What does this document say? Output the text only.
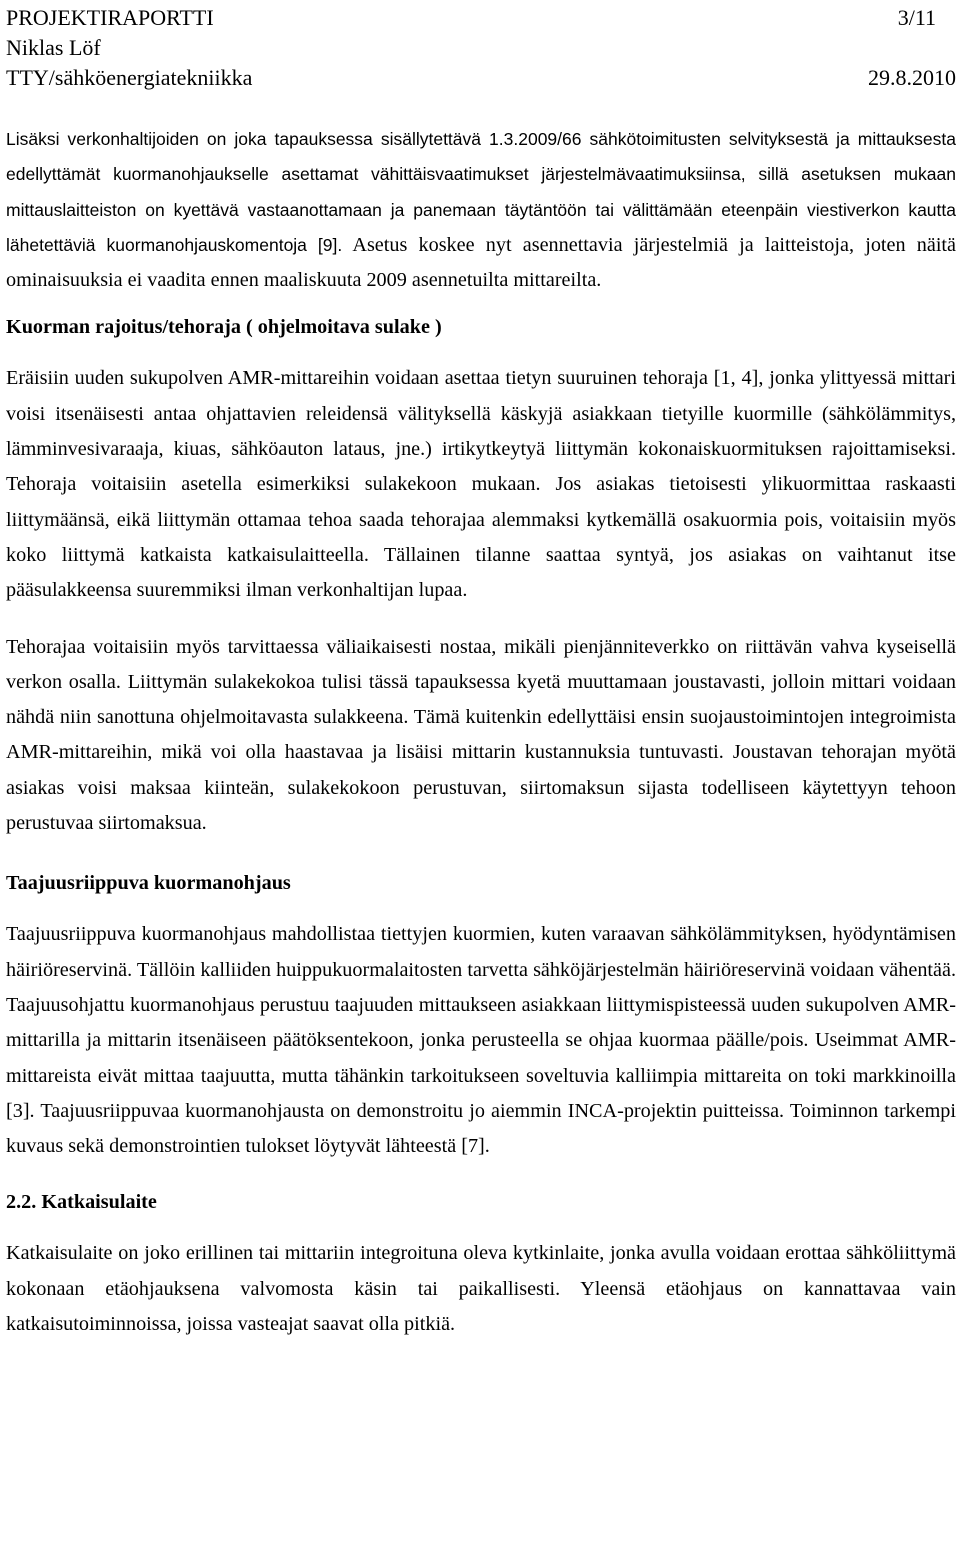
PROJEKTIRAPORTTI	3/11
Niklas Löf
TTY/sähköenergiatekniikka	29.8.2010

Lisäksi verkonhaltijoiden on joka tapauksessa sisällytettävä 1.3.2009/66 sähkötoimitusten selvityksestä ja mittauksesta edellyttämät kuormanohjaukselle asettamat vähittäisvaatimukset järjestelmävaatimuksiinsa, sillä asetuksen mukaan mittauslaitteiston on kyettävä vastaanottamaan ja panemaan täytäntöön tai välittämään eteenpäin viestiverkon kautta lähetettäviä kuormanohjauskomentoja [9]. Asetus koskee nyt asennettavia järjestelmiä ja laitteistoja, joten näitä ominaisuuksia ei vaadita ennen maaliskuuta 2009 asennetuilta mittareilta.

Kuorman rajoitus/tehoraja ( ohjelmoitava sulake )

Eräisiin uuden sukupolven AMR-mittareihin voidaan asettaa tietyn suuruinen tehoraja [1, 4], jonka ylittyessä mittari voisi itsenäisesti antaa ohjattavien releidensä välityksellä käskyjä asiakkaan tietyille kuormille (sähkölämmitys, lämminvesivaraaja, kiuas, sähköauton lataus, jne.) irtikytkeytyä liittymän kokonaiskuormituksen rajoittamiseksi. Tehoraja voitaisiin asetella esimerkiksi sulakekoon mukaan. Jos asiakas tietoisesti ylikuormittaa raskaasti liittymäänsä, eikä liittymän ottamaa tehoa saada tehorajaa alemmaksi kytkemällä osakuormia pois, voitaisiin myös koko liittymä katkaista katkaisulaitteella. Tällainen tilanne saattaa syntyä, jos asiakas on vaihtanut itse pääsulakkeensa suuremmiksi ilman verkonhaltijan lupaa.

Tehorajaa voitaisiin myös tarvittaessa väliaikaisesti nostaa, mikäli pienjänniteverkko on riittävän vahva kyseisellä verkon osalla. Liittymän sulakekokoa tulisi tässä tapauksessa kyetä muuttamaan joustavasti, jolloin mittari voidaan nähdä niin sanottuna ohjelmoitavasta sulakkeena. Tämä kuitenkin edellyttäisi ensin suojaustoimintojen integroimista AMR-mittareihin, mikä voi olla haastavaa ja lisäisi mittarin kustannuksia tuntuvasti. Joustavan tehorajan myötä asiakas voisi maksaa kiinteän, sulakekokoon perustuvan, siirtomaksun sijasta todelliseen käytettyyn tehoon perustuvaa siirtomaksua.

Taajuusriippuva kuormanohjaus

Taajuusriippuva kuormanohjaus mahdollistaa tiettyjen kuormien, kuten varaavan sähkölämmityksen, hyödyntämisen häiriöreservinä. Tällöin kalliiden huippukuormalaitosten tarvetta sähköjärjestelmän häiriöreservinä voidaan vähentää. Taajuusohjattu kuormanohjaus perustuu taajuuden mittaukseen asiakkaan liittymispisteessä uuden sukupolven AMR-mittarilla ja mittarin itsenäiseen päätöksentekoon, jonka perusteella se ohjaa kuormaa päälle/pois. Useimmat AMR-mittareista eivät mittaa taajuutta, mutta tähänkin tarkoitukseen soveltuvia kalliimpia mittareita on toki markkinoilla [3]. Taajuusriippuvaa kuormanohjausta on demonstroitu jo aiemmin INCA-projektin puitteissa. Toiminnon tarkempi kuvaus sekä demonstrointien tulokset löytyvät lähteestä [7].

2.2. Katkaisulaite

Katkaisulaite on joko erillinen tai mittariin integroituna oleva kytkinlaite, jonka avulla voidaan erottaa sähköliittymä kokonaan etäohjauksena valvomosta käsin tai paikallisesti. Yleensä etäohjaus on kannattavaa vain katkaisutoiminnoissa, joissa vasteajat saavat olla pitkiä.
